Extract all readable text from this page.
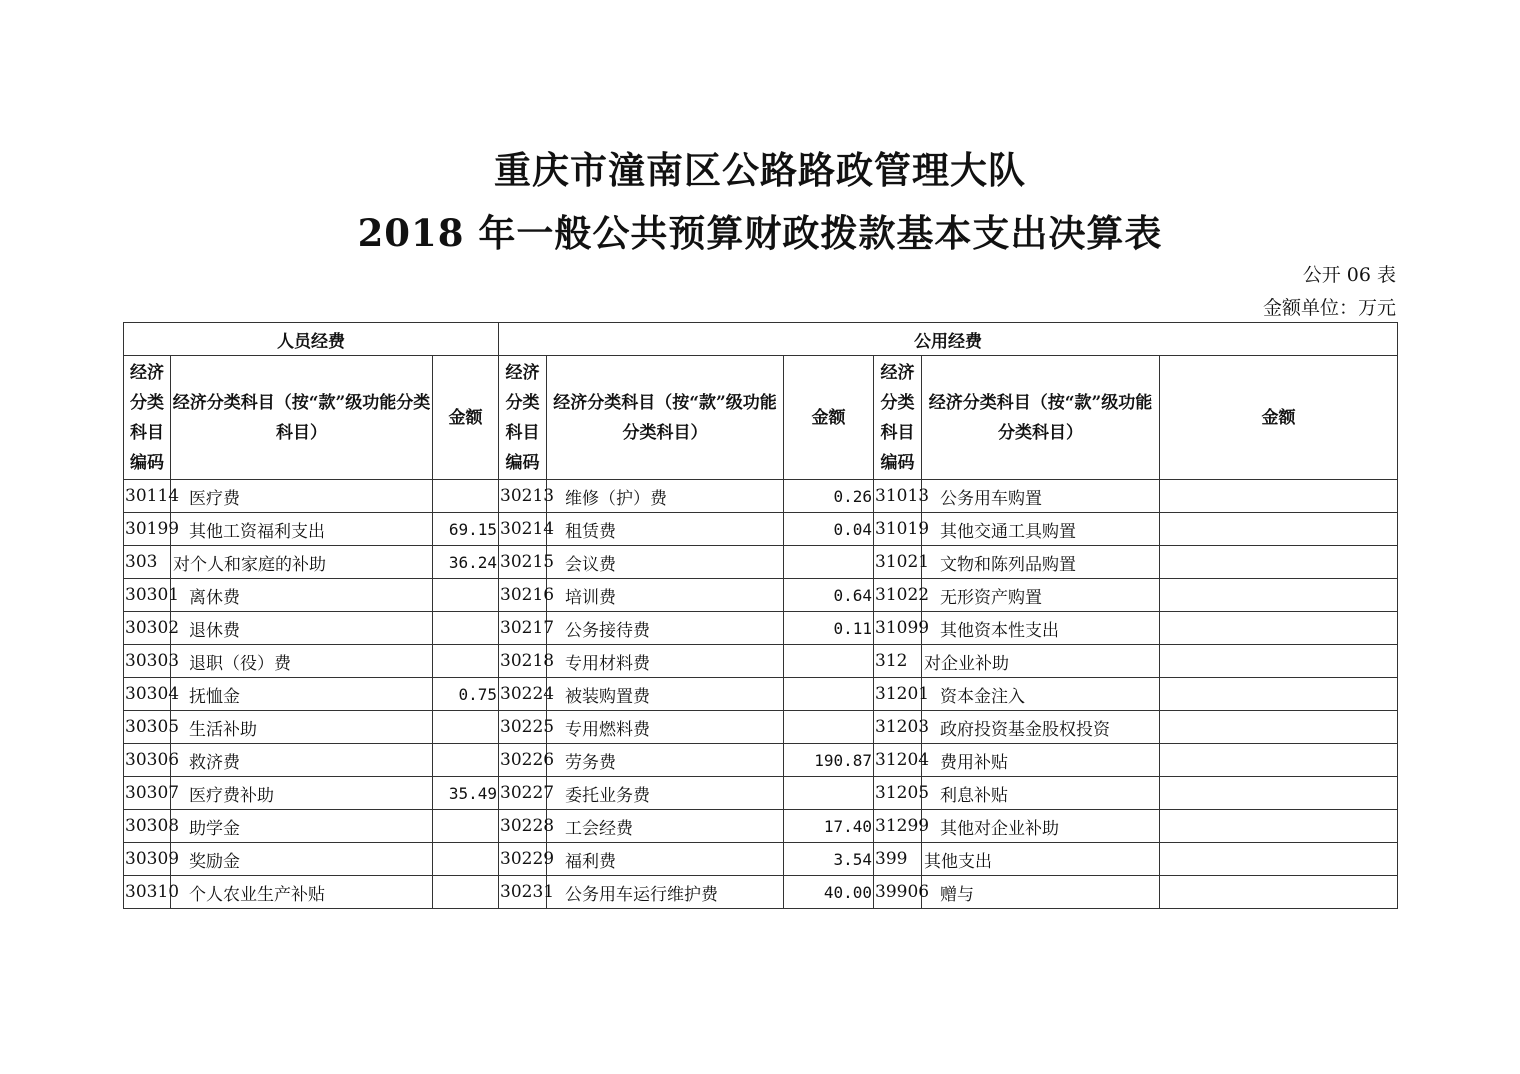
重庆市潼南区公路路政管理大队
2018 年一般公共预算财政拨款基本支出决算表
公开 06 表
金额单位：万元
人员经费			公用经费					
经济分类科目编码	经济分类科目（按“款”级功能分类科目）	金额	经济分类科目编码	经济分类科目（按“款”级功能分类科目）	金额	经济分类科目编码	经济分类科目（按“款”级功能分类科目）	金额
30114	医疗费		30213	维修（护）费	0.26	31013	公务用车购置	
30199	其他工资福利支出	69.15	30214	租赁费	0.04	31019	其他交通工具购置	
303	对个人和家庭的补助	36.24	30215	会议费		31021	文物和陈列品购置	
30301	离休费		30216	培训费	0.64	31022	无形资产购置	
30302	退休费		30217	公务接待费	0.11	31099	其他资本性支出	
30303	退职（役）费		30218	专用材料费		312	对企业补助	
30304	抚恤金	0.75	30224	被装购置费		31201	资本金注入	
30305	生活补助		30225	专用燃料费		31203	政府投资基金股权投资	
30306	救济费		30226	劳务费	190.87	31204	费用补贴	
30307	医疗费补助	35.49	30227	委托业务费		31205	利息补贴	
30308	助学金		30228	工会经费	17.40	31299	其他对企业补助	
30309	奖励金		30229	福利费	3.54	399	其他支出	
30310	个人农业生产补贴		30231	公务用车运行维护费	40.00	39906	赠与	
